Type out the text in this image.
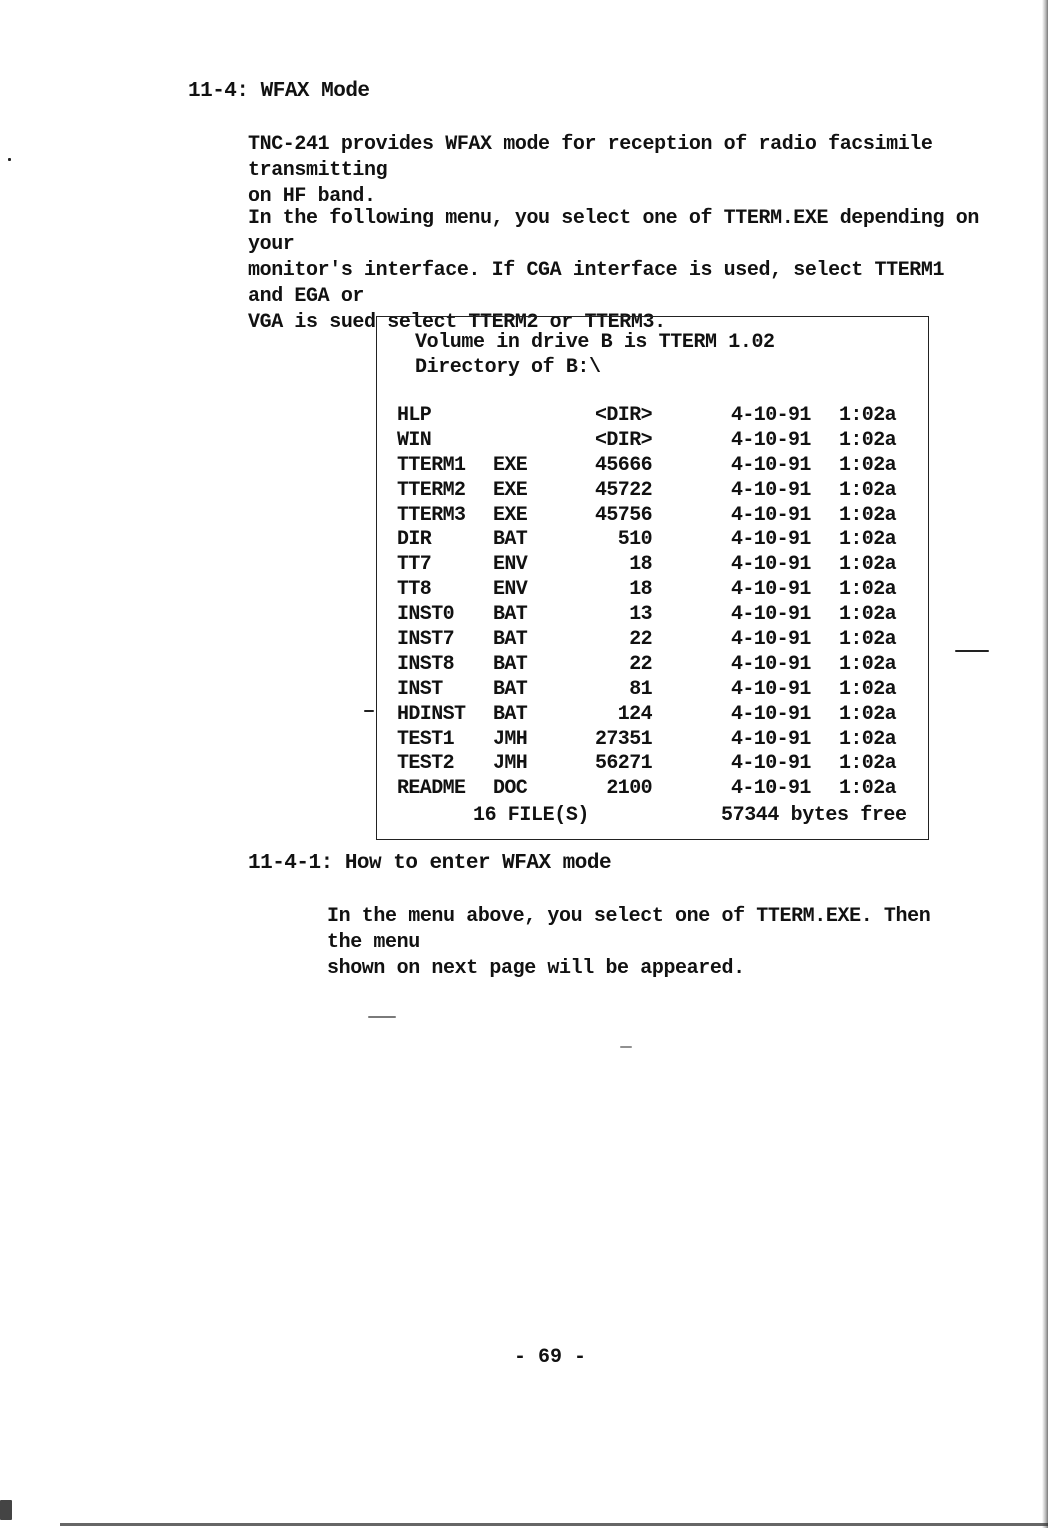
11-4: WFAX Mode
TNC-241 provides WFAX mode for reception of radio facsimile transmitting
on HF band.
In the following menu, you select one of TTERM.EXE depending on your
monitor's interface. If CGA interface is used, select TTERM1 and EGA or
VGA is sued select TTERM2 or TTERM3.
Volume in drive B is TTERM 1.02
Directory of B:\
HLP	<DIR>	4-10-91 1:02a
WIN	<DIR>	4-10-91 1:02a
TTERM1 EXE	45666	4-10-91 1:02a
TTERM2 EXE	45722	4-10-91 1:02a
TTERM3 EXE	45756	4-10-91 1:02a
DIR	BAT	510	4-10-91 1:02a
TT7	ENV	18	4-10-91 1:02a
TT8	ENV	18	4-10-91 1:02a
INST0 BAT	13	4-10-91 1:02a
INST7 BAT	22	4-10-91 1:02a
INST8 BAT	22	4-10-91 1:02a
INST	BAT	81	4-10-91 1:02a
HDINST BAT	124	4-10-91 1:02a
TEST1 JMH	27351	4-10-91 1:02a
TEST2 JMH	56271	4-10-91 1:02a
README DOC	2100	4-10-91 1:02a
16 FILE(S)	57344 bytes free
11-4-1: How to enter WFAX mode
In the menu above, you select one of TTERM.EXE. Then the menu
shown on next page will be appeared.
- 69 -
